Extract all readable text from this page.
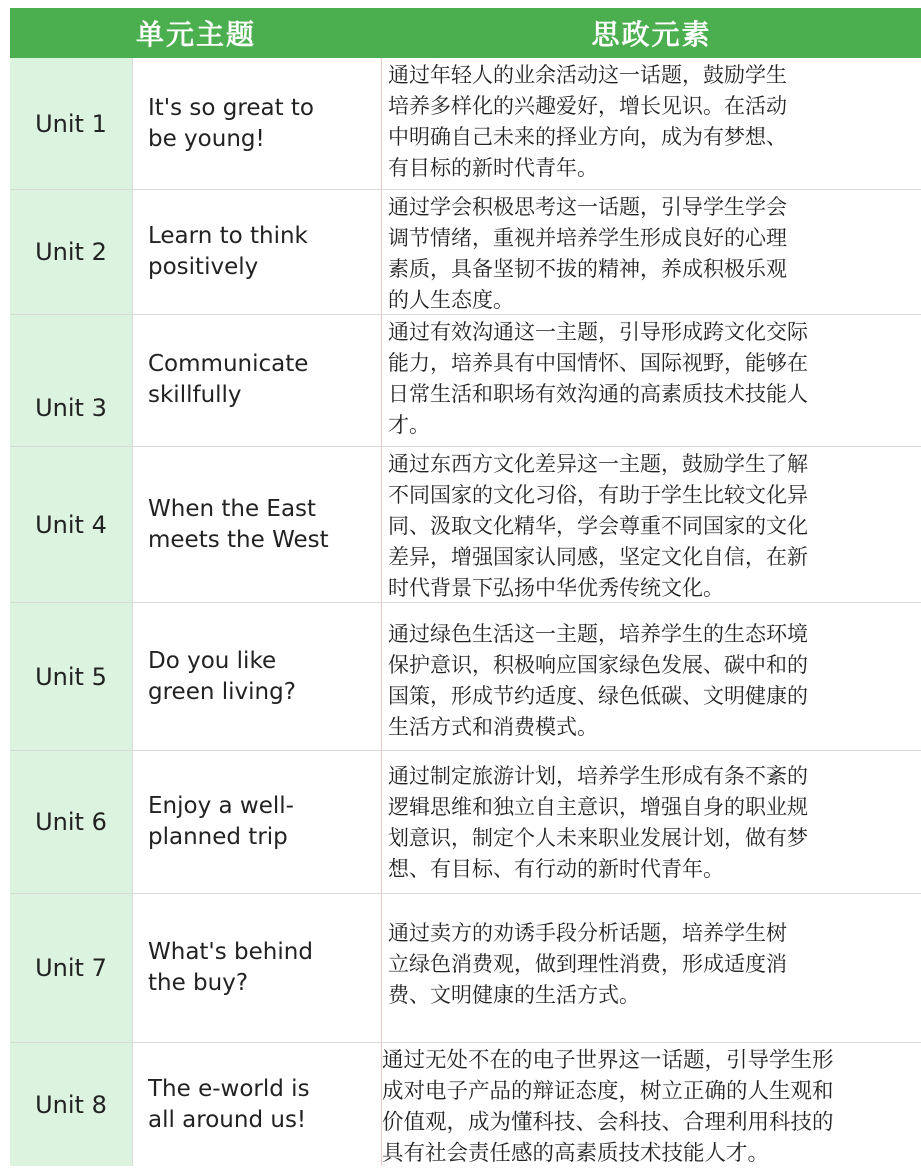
单元主题	思政元素
Unit 1
It's so great to
be young!
通过年轻人的业余活动这一话题，鼓励学生
培养多样化的兴趣爱好，增长见识。在活动
中明确自己未来的择业方向，成为有梦想、
有目标的新时代青年。
Unit 2
Learn to think
positively
通过学会积极思考这一话题，引导学生学会
调节情绪，重视并培养学生形成良好的心理
素质，具备坚韧不拔的精神，养成积极乐观
的人生态度。
Unit 3
Communicate
skillfully
通过有效沟通这一主题，引导形成跨文化交际
能力，培养具有中国情怀、国际视野，能够在
日常生活和职场有效沟通的高素质技术技能人
才。
Unit 4
When the East
meets the West
通过东西方文化差异这一主题，鼓励学生了解
不同国家的文化习俗，有助于学生比较文化异
同、汲取文化精华，学会尊重不同国家的文化
差异，增强国家认同感，坚定文化自信，在新
时代背景下弘扬中华优秀传统文化。
Unit 5
Do you like
green living?
通过绿色生活这一主题，培养学生的生态环境
保护意识，积极响应国家绿色发展、碳中和的
国策，形成节约适度、绿色低碳、文明健康的
生活方式和消费模式。
Unit 6
Enjoy a well-
planned trip
通过制定旅游计划，培养学生形成有条不紊的
逻辑思维和独立自主意识，增强自身的职业规
划意识，制定个人未来职业发展计划，做有梦
想、有目标、有行动的新时代青年。
Unit 7
What's behind
the buy?
通过卖方的劝诱手段分析话题，培养学生树
立绿色消费观，做到理性消费，形成适度消
费、文明健康的生活方式。
Unit 8
The e-world is
all around us!
通过无处不在的电子世界这一话题，引导学生形
成对电子产品的辩证态度，树立正确的人生观和
价值观，成为懂科技、会科技、合理利用科技的
具有社会责任感的高素质技术技能人才。
